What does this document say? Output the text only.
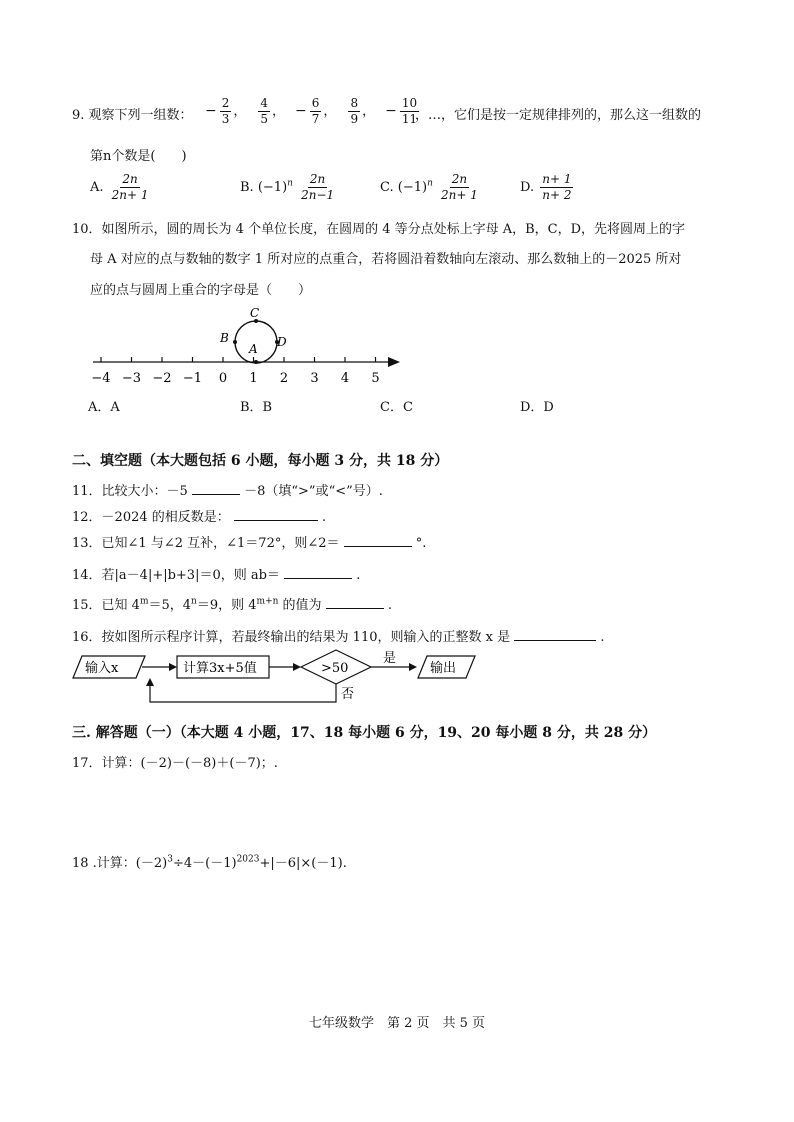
9. 观察下列一组数： − $\frac{2}{3}$ ， $\frac{4}{5}$ ， − $\frac{6}{7}$ ， $\frac{8}{9}$ ， − $\frac{10}{11}$
，…，它们是按一定规律排列的，那么这一组数的
第n个数是(　　)
A. $\frac{2n}{2n+ 1}$	B. $(-1)^n \frac{2n}{2n-1}$	C. $(-1)^n \frac{2n}{2n+ 1}$	D. $\frac{n+ 1}{n+ 2}$
10．如图所示，圆的周长为 4 个单位长度，在圆周的 4 等分点处标上字母 A，B，C，D，先将圆周上的字
母 A 对应的点与数轴的数字 1 所对应的点重合，若将圆沿着数轴向左滚动、那么数轴上的－2025 所对
应的点与圆周上重合的字母是（　　）
−4 −3 −2 −1 0 1 2 3 4 5
C
B
A D
A．A	B．B	C．C	D．D
二、填空题（本大题包括 6 小题，每小题 3 分，共 18 分）
11．比较大小：－5	－8（填“>”或“<”号）.
12．－2024 的相反数是：	.
13．已知∠1 与∠2 互补，∠1＝72°，则∠2＝	°.
14．若|a－4|+|b+3|＝0，则 ab＝	.
15．已知 $4^m=5$，$4^n=9$，则 $4^{m+n}$ 的值为	.
16．按如图所示程序计算，若最终输出的结果为 110，则输入的正整数 x 是	.
输入x	计算3x+5值	>50
是
输出
否
三. 解答题（一）（本大题 4 小题，17、18 每小题 6 分，19、20 每小题 8 分，共 28 分）
17．计算：(－2)－(－8)＋(－7)；.
18 .计算：$(-2)^3\div 4-(-1)^{2023}+|-6|\times(-1)$.
七年级数学　第 2 页　共 5 页
